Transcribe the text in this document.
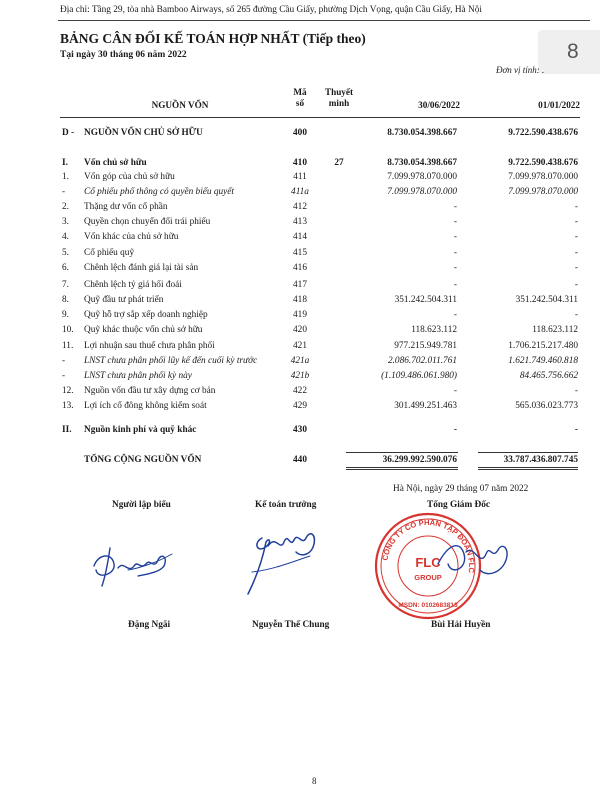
Địa chỉ: Tầng 29, tòa nhà Bamboo Airways, số 265 đường Cầu Giấy, phường Dịch Vọng, quận Cầu Giấy, Hà Nội
BẢNG CÂN ĐỐI KẾ TOÁN HỢP NHẤT (Tiếp theo)
Tại ngày 30 tháng 06 năm 2022	8
Đơn vị tính: .
NGUỒN VỐN
Mã
số
Thuyết
minh	30/06/2022	01/01/2022
D - NGUỒN VỐN CHỦ SỞ HỮU	400	8.730.054.398.667	9.722.590.438.676
I. Vốn chủ sở hữu	410	27	8.730.054.398.667	9.722.590.438.676
1. Vốn góp của chủ sở hữu	411	7.099.978.070.000	7.099.978.070.000
- Cổ phiếu phổ thông có quyền biểu quyết	411a	7.099.978.070.000	7.099.978.070.000
2. Thặng dư vốn cổ phần	412	-	-
3. Quyền chọn chuyển đổi trái phiếu	413	-	-
4. Vốn khác của chủ sở hữu	414	-	-
5. Cổ phiếu quỹ	415	-	-
6. Chênh lệch đánh giá lại tài sản	416	-	-
7. Chênh lệch tỷ giá hối đoái	417	-	-
8. Quỹ đầu tư phát triển	418	351.242.504.311	351.242.504.311
9. Quỹ hỗ trợ sắp xếp doanh nghiệp	419	-	-
10. Quỹ khác thuộc vốn chủ sở hữu	420	118.623.112	118.623.112
11. Lợi nhuận sau thuế chưa phân phối	421	977.215.949.781	1.706.215.217.480
- LNST chưa phân phối lũy kế đến cuối kỳ trước	421a	2.086.702.011.761	1.621.749.460.818
- LNST chưa phân phối kỳ này	421b	(1.109.486.061.980)	84.465.756.662
12. Nguồn vốn đầu tư xây dựng cơ bản	422	-	-
13. Lợi ích cổ đông không kiểm soát	429	301.499.251.463	565.036.023.773
II. Nguồn kinh phí và quỹ khác	430	-	-
TỔNG CỘNG NGUỒN VỐN	440	36.299.992.590.076	33.787.436.807.745
Hà Nội, ngày 29 tháng 07 năm 2022
Người lập biểu	Kế toán trưởng	Tổng Giám Đốc
CÔNG TY CỔ PHẦN TẬP ĐOÀN FLC
FLC
GROUP
MSDN: 0102683813
Đặng Ngãi	Nguyễn Thế Chung	Bùi Hải Huyền
8
